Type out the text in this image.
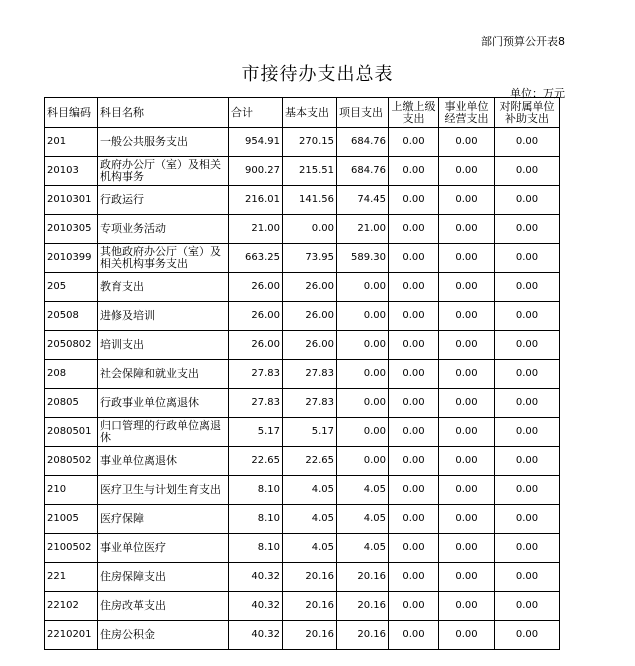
部门预算公开表8
市接待办支出总表
单位：万元
科目编码	科目名称	合计	基本支出	项目支出	上缴上级支出	事业单位经营支出	对附属单位补助支出
201	一般公共服务支出	954.91	270.15	684.76	0.00	0.00	0.00
20103	政府办公厅（室）及相关机构事务	900.27	215.51	684.76	0.00	0.00	0.00
2010301	行政运行	216.01	141.56	74.45	0.00	0.00	0.00
2010305	专项业务活动	21.00	0.00	21.00	0.00	0.00	0.00
2010399	其他政府办公厅（室）及相关机构事务支出	663.25	73.95	589.30	0.00	0.00	0.00
205	教育支出	26.00	26.00	0.00	0.00	0.00	0.00
20508	进修及培训	26.00	26.00	0.00	0.00	0.00	0.00
2050802	培训支出	26.00	26.00	0.00	0.00	0.00	0.00
208	社会保障和就业支出	27.83	27.83	0.00	0.00	0.00	0.00
20805	行政事业单位离退休	27.83	27.83	0.00	0.00	0.00	0.00
2080501	归口管理的行政单位离退休	5.17	5.17	0.00	0.00	0.00	0.00
2080502	事业单位离退休	22.65	22.65	0.00	0.00	0.00	0.00
210	医疗卫生与计划生育支出	8.10	4.05	4.05	0.00	0.00	0.00
21005	医疗保障	8.10	4.05	4.05	0.00	0.00	0.00
2100502	事业单位医疗	8.10	4.05	4.05	0.00	0.00	0.00
221	住房保障支出	40.32	20.16	20.16	0.00	0.00	0.00
22102	住房改革支出	40.32	20.16	20.16	0.00	0.00	0.00
2210201	住房公积金	40.32	20.16	20.16	0.00	0.00	0.00
